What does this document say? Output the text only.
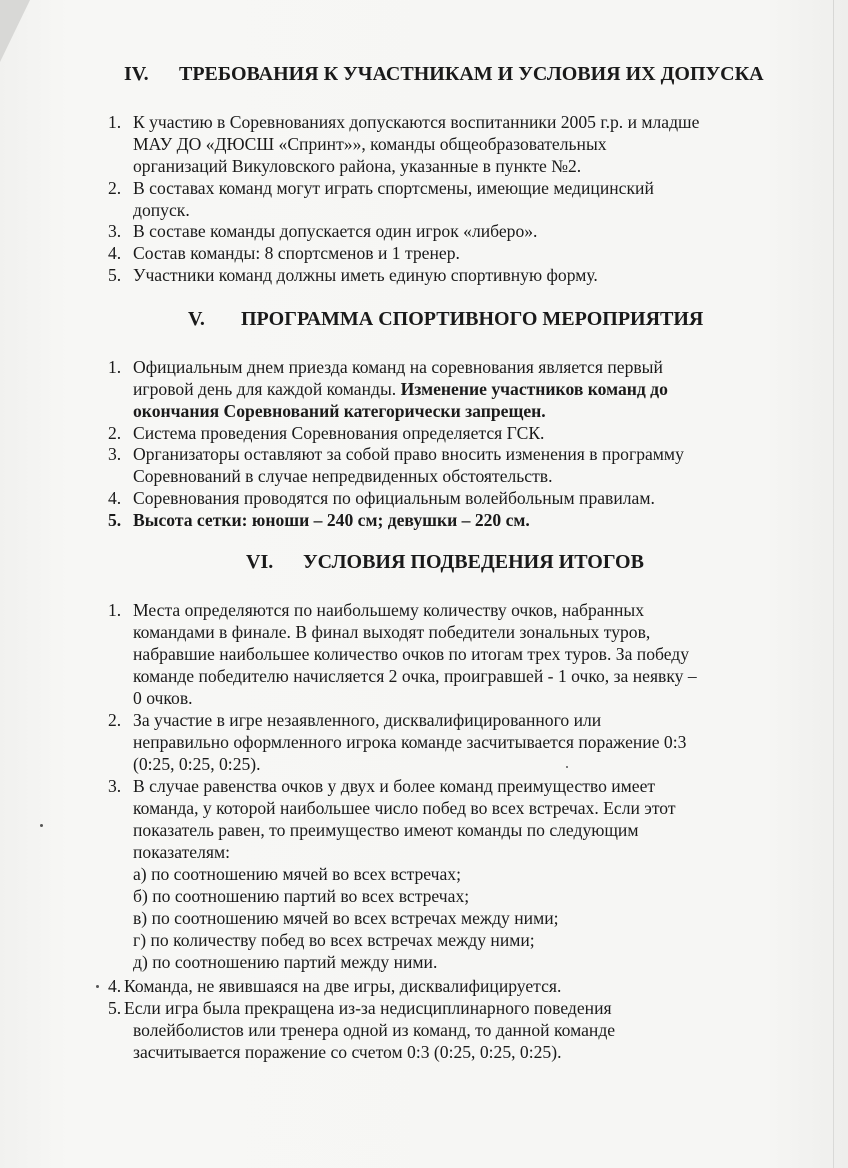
IV. ТРЕБОВАНИЯ К УЧАСТНИКАМ И УСЛОВИЯ ИХ ДОПУСКА
1. К участию в Соревнованиях допускаются воспитанники 2005 г.р. и младше
МАУ ДО «ДЮСШ «Спринт»», команды общеобразовательных
организаций Викуловского района, указанные в пункте №2.
2. В составах команд могут играть спортсмены, имеющие медицинский
допуск.
3. В составе команды допускается один игрок «либеро».
4. Состав команды: 8 спортсменов и 1 тренер.
5. Участники команд должны иметь единую спортивную форму.
V. ПРОГРАММА СПОРТИВНОГО МЕРОПРИЯТИЯ
1. Официальным днем приезда команд на соревнования является первый
игровой день для каждой команды. Изменение участников команд до
окончания Соревнований категорически запрещен.
2. Система проведения Соревнования определяется ГСК.
3. Организаторы оставляют за собой право вносить изменения в программу
Соревнований в случае непредвиденных обстоятельств.
4. Соревнования проводятся по официальным волейбольным правилам.
5. Высота сетки: юноши – 240 см; девушки – 220 см.
VI. УСЛОВИЯ ПОДВЕДЕНИЯ ИТОГОВ
1. Места определяются по наибольшему количеству очков, набранных
командами в финале. В финал выходят победители зональных туров,
набравшие наибольшее количество очков по итогам трех туров. За победу
команде победителю начисляется 2 очка, проигравшей - 1 очко, за неявку –
0 очков.
2. За участие в игре незаявленного, дисквалифицированного или
неправильно оформленного игрока команде засчитывается поражение 0:3
(0:25, 0:25, 0:25).
3. В случае равенства очков у двух и более команд преимущество имеет
команда, у которой наибольшее число побед во всех встречах. Если этот
показатель равен, то преимущество имеют команды по следующим
показателям:
а) по соотношению мячей во всех встречах;
б) по соотношению партий во всех встречах;
в) по соотношению мячей во всех встречах между ними;
г) по количеству побед во всех встречах между ними;
д) по соотношению партий между ними.
4. Команда, не явившаяся на две игры, дисквалифицируется.
5. Если игра была прекращена из-за недисциплинарного поведения
волейболистов или тренера одной из команд, то данной команде
засчитывается поражение со счетом 0:3 (0:25, 0:25, 0:25).
